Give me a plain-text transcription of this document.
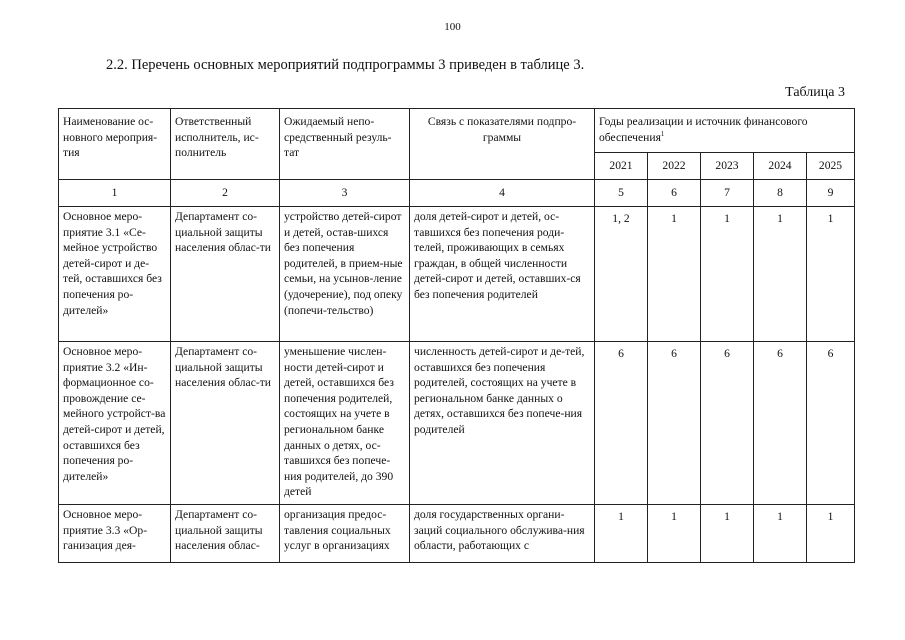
100
2.2. Перечень основных мероприятий подпрограммы 3 приведен в таблице 3.
Таблица 3
Наименование ос-новного мероприя-тия	Ответственный исполнитель, ис-полнитель	Ожидаемый непо-средственный резуль-тат	Связь с показателями подпро-граммы	Годы реализации и источник финансового обеспечения$^1$
				2021	2022	2023	2024	2025
1	2	3	4	5	6	7	8	9
Основное меро-приятие 3.1 «Се-мейное устройство детей-сирот и де-тей, оставшихся без попечения ро-дителей»	Департамент со-циальной защиты населения облас-ти	устройство детей-сирот и детей, остав-шихся без попечения родителей, в прием-ные семьи, на усынов-ление (удочерение), под опеку (попечи-тельство)	доля детей-сирот и детей, ос-тавшихся без попечения роди-телей, проживающих в семьях граждан, в общей численности детей-сирот и детей, оставших-ся без попечения родителей	1, 2	1	1	1	1
Основное меро-приятие 3.2 «Ин-формационное со-провождение се-мейного устройст-ва детей-сирот и детей, оставшихся без попечения ро-дителей»	Департамент со-циальной защиты населения облас-ти	уменьшение числен-ности детей-сирот и детей, оставшихся без попечения родителей, состоящих на учете в региональном банке данных о детях, ос-тавшихся без попече-ния родителей, до 390 детей	численность детей-сирот и де-тей, оставшихся без попечения родителей, состоящих на учете в региональном банке данных о детях, оставшихся без попече-ния родителей	6	6	6	6	6
Основное меро-приятие 3.3 «Ор-ганизация дея-	Департамент со-циальной защиты населения облас-	организация предос-тавления социальных услуг в организациях	доля государственных органи-заций социального обслужива-ния области, работающих с	1	1	1	1	1
